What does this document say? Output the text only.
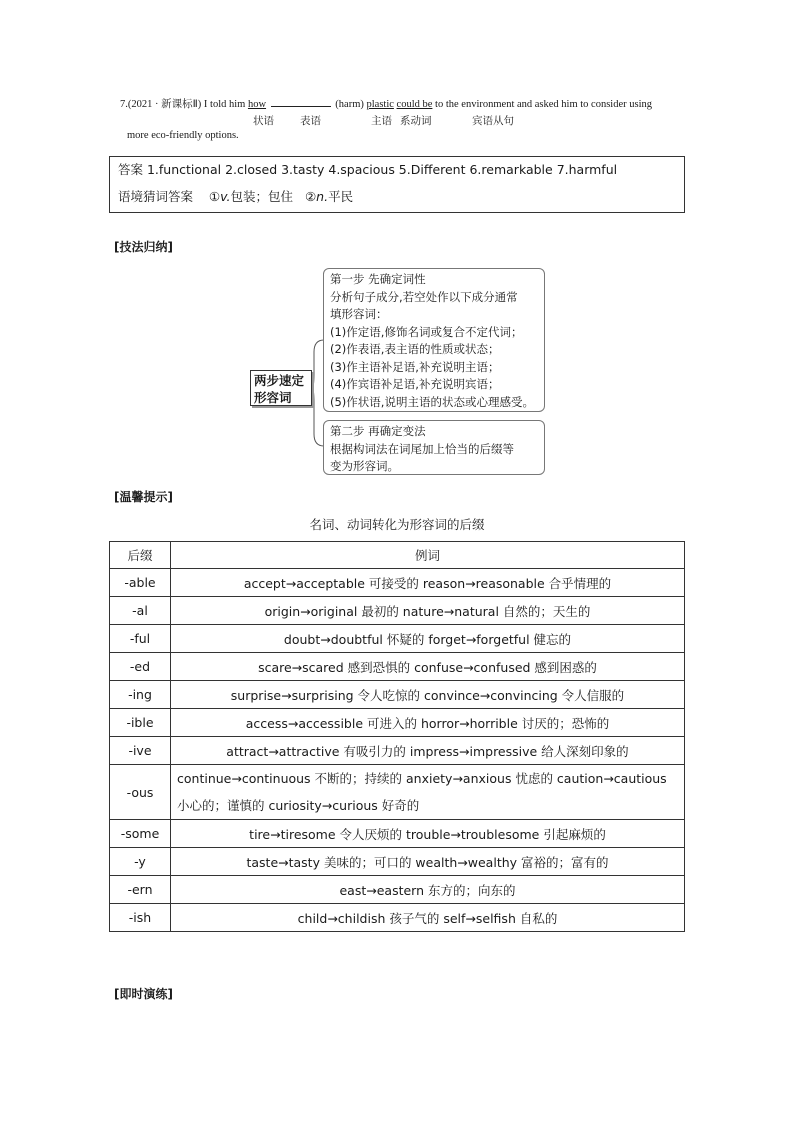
7.(2021 · 新课标Ⅱ) I told him how	(harm) plastic could be to the environment and asked him to consider using
状语 表语	主语 系动词	宾语从句
more eco-friendly options.
答案 1.functional 2.closed 3.tasty 4.spacious 5.Different 6.remarkable 7.harmful
语境猜词答案 ①v.包装；包住 ②n.平民
[技法归纳]
两步速定
形容词
第一步 先确定词性
分析句子成分,若空处作以下成分通常
填形容词：
(1)作定语,修饰名词或复合不定代词；
(2)作表语,表主语的性质或状态；
(3)作主语补足语,补充说明主语；
(4)作宾语补足语,补充说明宾语；
(5)作状语,说明主语的状态或心理感受。
第二步 再确定变法
根据构词法在词尾加上恰当的后缀等
变为形容词。
[温馨提示]
名词、动词转化为形容词的后缀
后缀	例词
-able	accept→acceptable 可接受的 reason→reasonable 合乎情理的
-al	origin→original 最初的 nature→natural 自然的；天生的
-ful	doubt→doubtful 怀疑的 forget→forgetful 健忘的
-ed	scare→scared 感到恐惧的 confuse→confused 感到困惑的
-ing	surprise→surprising 令人吃惊的 convince→convincing 令人信服的
-ible	access→accessible 可进入的 horror→horrible 讨厌的；恐怖的
-ive	attract→attractive 有吸引力的 impress→impressive 给人深刻印象的
-ous	continue→continuous 不断的；持续的 anxiety→anxious 忧虑的 caution→cautious
小心的；谨慎的 curiosity→curious 好奇的

-some	tire→tiresome 令人厌烦的 trouble→troublesome 引起麻烦的
-y	taste→tasty 美味的；可口的 wealth→wealthy 富裕的；富有的
-ern	east→eastern 东方的；向东的
-ish	child→childish 孩子气的 self→selfish 自私的
[即时演练]
